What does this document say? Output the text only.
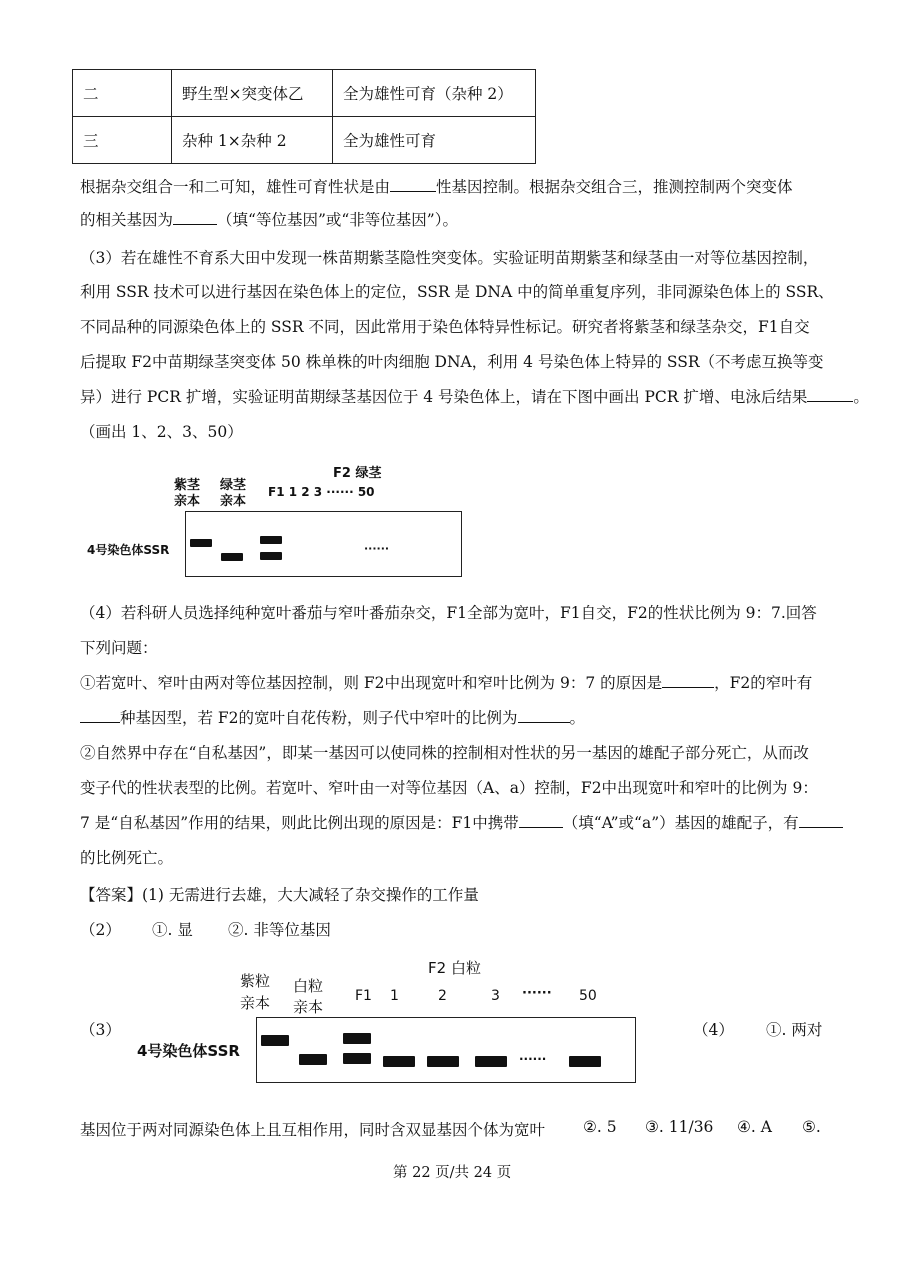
二	野生型×突变体乙	全为雄性可育（杂种 2）
三	杂种 1×杂种 2	全为雄性可育
根据杂交组合一和二可知，雄性可育性状是由	性基因控制。根据杂交组合三，推测控制两个突变体
的相关基因为	（填“等位基因”或“非等位基因”）。
（3）若在雄性不育系大田中发现一株苗期紫茎隐性突变体。实验证明苗期紫茎和绿茎由一对等位基因控制，
利用 SSR 技术可以进行基因在染色体上的定位，SSR 是 DNA 中的简单重复序列，非同源染色体上的 SSR、
不同品种的同源染色体上的 SSR 不同，因此常用于染色体特异性标记。研究者将紫茎和绿茎杂交，F1自交
后提取 F2中苗期绿茎突变体 50 株单株的叶肉细胞 DNA，利用 4 号染色体上特异的 SSR（不考虑互换等变
异）进行 PCR 扩增，实验证明苗期绿茎基因位于 4 号染色体上，请在下图中画出 PCR 扩增、电泳后结果	。
（画出 1、2、3、50）
F2 绿茎
紫茎
亲本
绿茎
亲本
F1 1 2 3 ······ 50
4号染色体SSR	······
（4）若科研人员选择纯种宽叶番茄与窄叶番茄杂交，F1全部为宽叶，F1自交，F2的性状比例为 9：7.回答
下列问题：
①若宽叶、窄叶由两对等位基因控制，则 F2中出现宽叶和窄叶比例为 9：7 的原因是	，F2的窄叶有
种基因型，若 F2的宽叶自花传粉，则子代中窄叶的比例为	。
②自然界中存在“自私基因”，即某一基因可以使同株的控制相对性状的另一基因的雄配子部分死亡，从而改
变子代的性状表型的比例。若宽叶、窄叶由一对等位基因（A、a）控制，F2中出现宽叶和窄叶的比例为 9：
7 是“自私基因”作用的结果，则此比例出现的原因是：F1中携带	（填“A”或“a”）基因的雄配子，有
的比例死亡。
【答案】(1) 无需进行去雄，大大减轻了杂交操作的工作量
（2） ①. 显 ②. 非等位基因
F2 白粒
紫粒
亲本
白粒
亲本
F1 1	2	3 ······ 50
4号染色体SSR	······
（3）	（4） ①. 两对
基因位于两对同源染色体上且互相作用，同时含双显基因个体为宽叶 ②. 5 ③. 11/36 ④. A ⑤.
第 22 页/共 24 页
